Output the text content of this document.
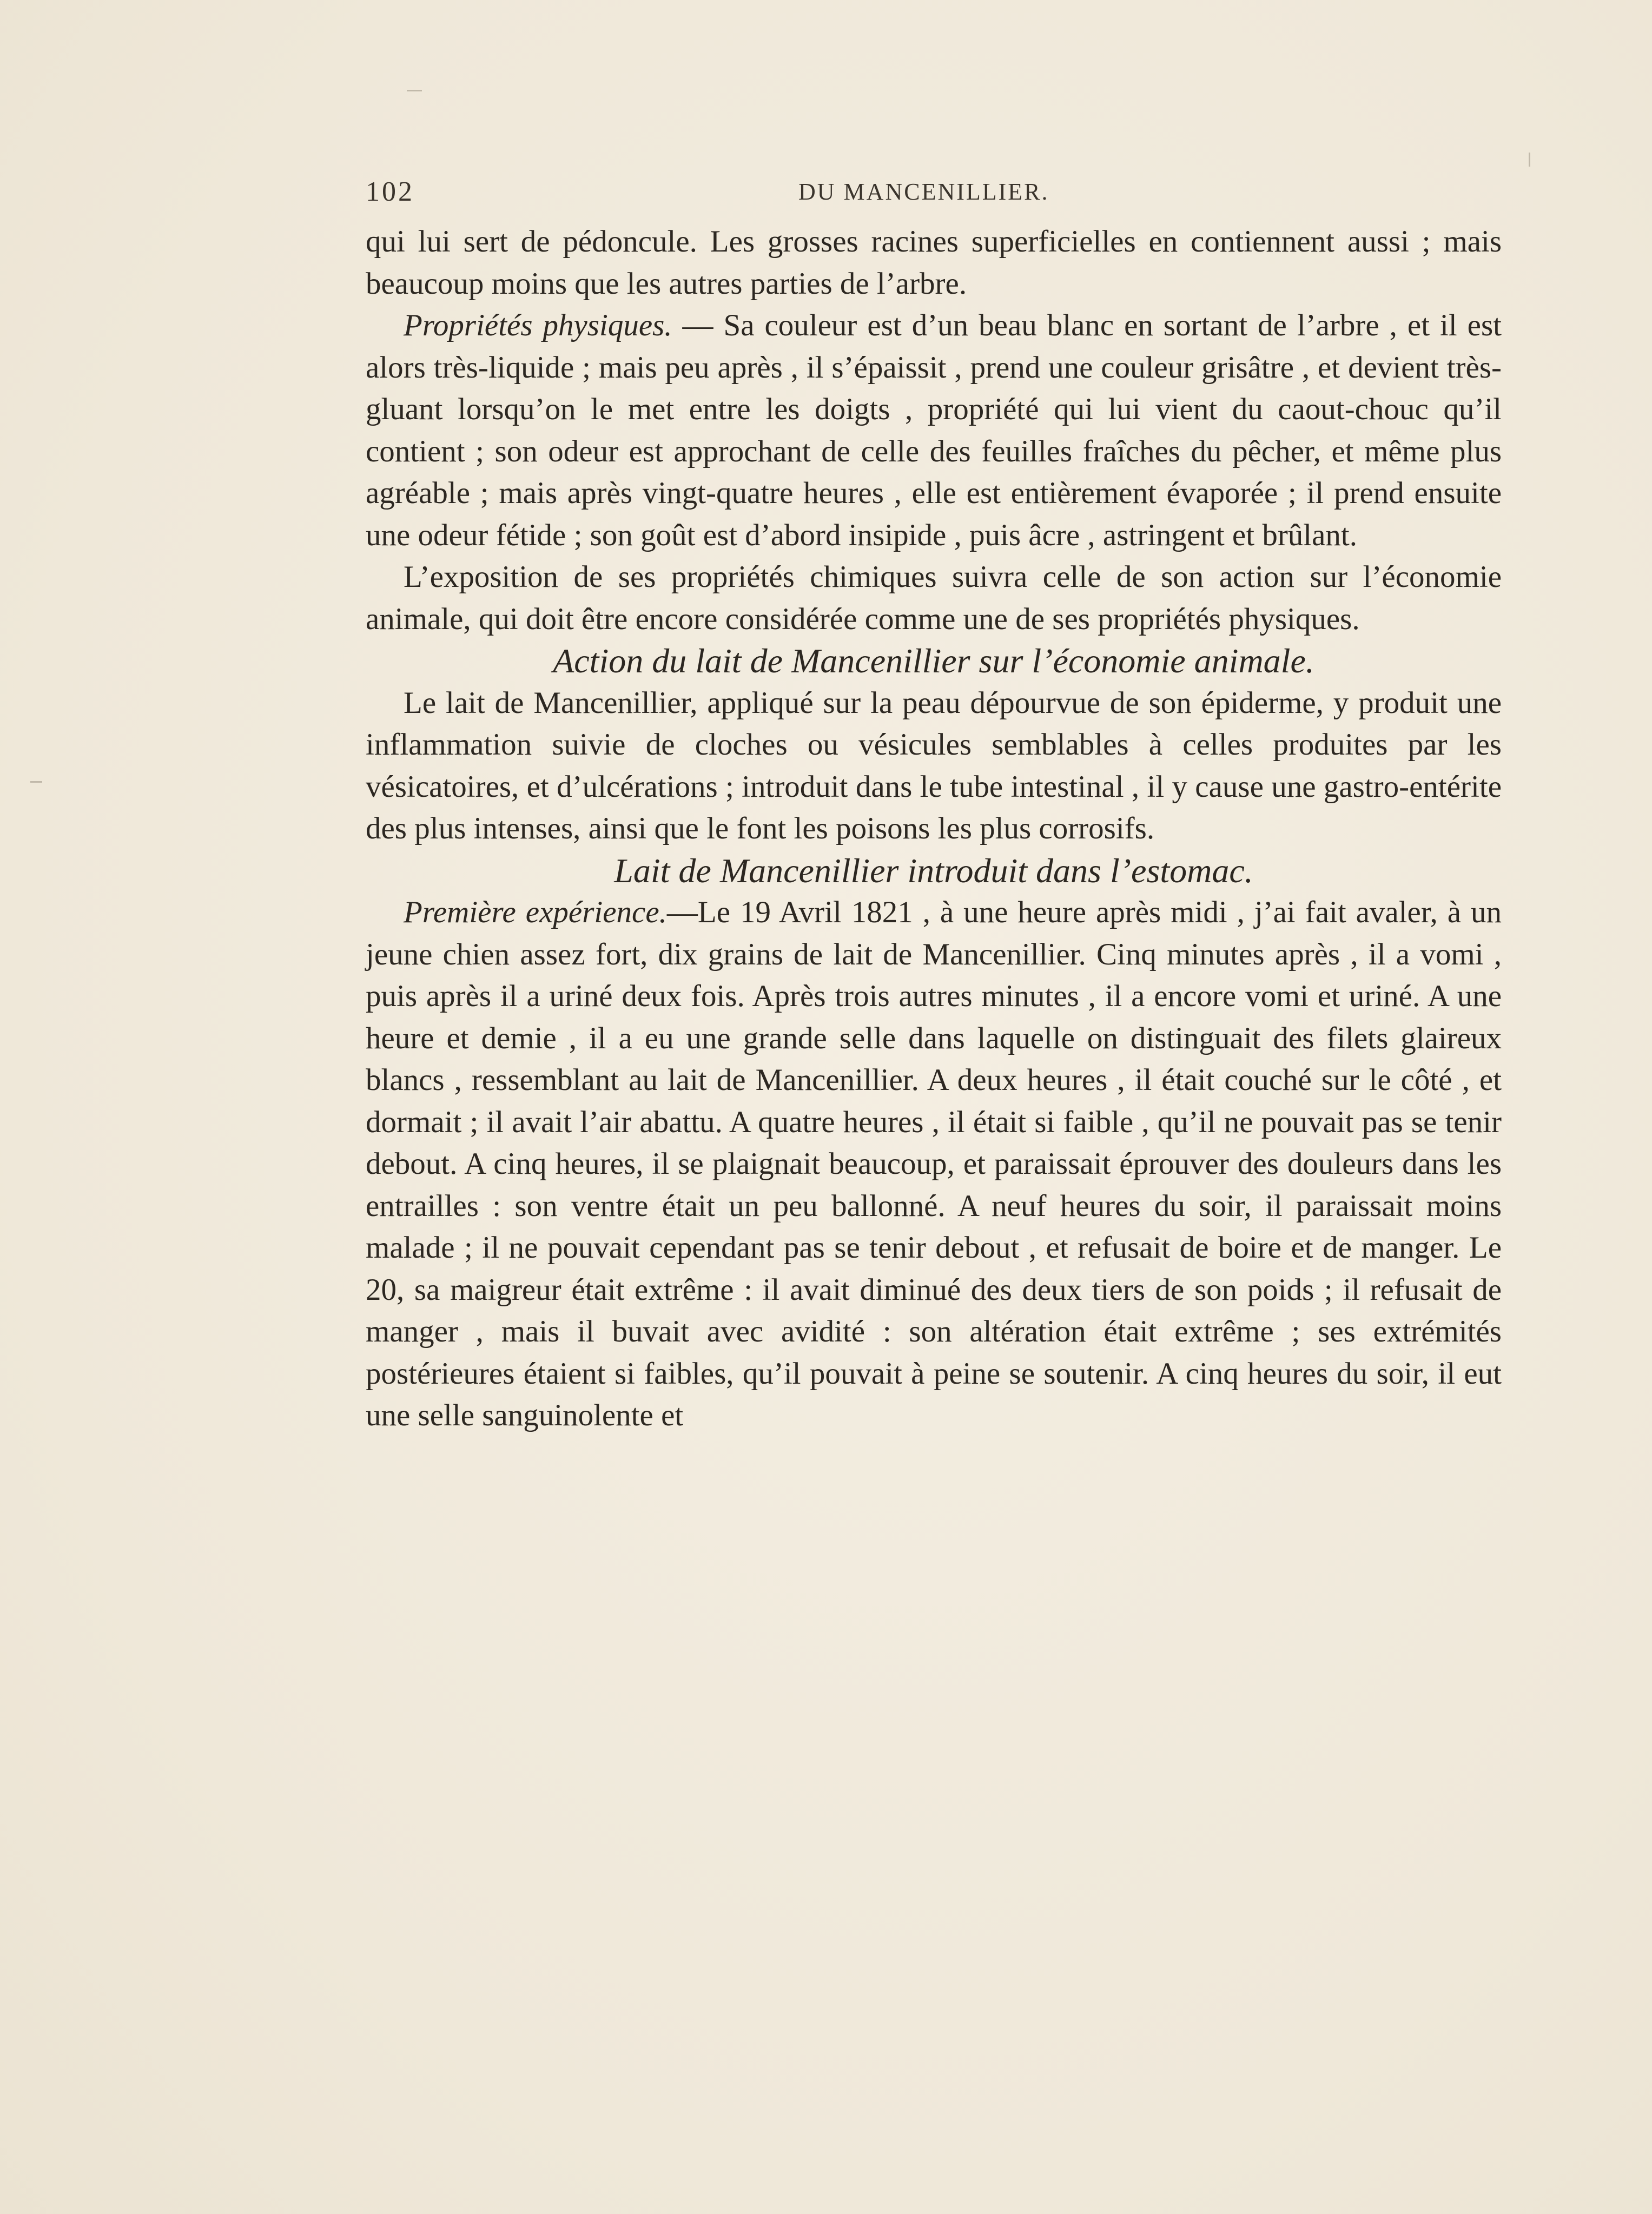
102	DU MANCENILLIER.

qui lui sert de pédoncule. Les grosses racines superficielles en contiennent aussi ; mais beaucoup moins que les autres parties de l’arbre.

Propriétés physiques. — Sa couleur est d’un beau blanc en sortant de l’arbre , et il est alors très-liquide ; mais peu après , il s’épaissit , prend une couleur grisâtre , et devient très-gluant lorsqu’on le met entre les doigts , propriété qui lui vient du caout-chouc qu’il contient ; son odeur est approchant de celle des feuilles fraîches du pêcher, et même plus agréable ; mais après vingt-quatre heures , elle est entièrement évaporée ; il prend ensuite une odeur fétide ; son goût est d’abord insipide , puis âcre , astringent et brûlant.

L’exposition de ses propriétés chimiques suivra celle de son action sur l’économie animale, qui doit être encore considérée comme une de ses propriétés physiques.

Action du lait de Mancenillier sur l’économie animale.

Le lait de Mancenillier, appliqué sur la peau dépourvue de son épiderme, y produit une inflammation suivie de cloches ou vésicules semblables à celles produites par les vésicatoires, et d’ulcérations ; introduit dans le tube intestinal , il y cause une gastro-entérite des plus intenses, ainsi que le font les poisons les plus corrosifs.

Lait de Mancenillier introduit dans l’estomac.

Première expérience.—Le 19 Avril 1821 , à une heure après midi , j’ai fait avaler, à un jeune chien assez fort, dix grains de lait de Mancenillier. Cinq minutes après , il a vomi , puis après il a uriné deux fois. Après trois autres minutes , il a encore vomi et uriné. A une heure et demie , il a eu une grande selle dans laquelle on distinguait des filets glaireux blancs , ressemblant au lait de Mancenillier. A deux heures , il était couché sur le côté , et dormait ; il avait l’air abattu. A quatre heures , il était si faible , qu’il ne pouvait pas se tenir debout. A cinq heures, il se plaignait beaucoup, et paraissait éprouver des douleurs dans les entrailles : son ventre était un peu ballonné. A neuf heures du soir, il paraissait moins malade ; il ne pouvait cependant pas se tenir debout , et refusait de boire et de manger. Le 20, sa maigreur était extrême : il avait diminué des deux tiers de son poids ; il refusait de manger , mais il buvait avec avidité : son altération était extrême ; ses extrémités postérieures étaient si faibles, qu’il pouvait à peine se soutenir. A cinq heures du soir, il eut une selle sanguinolente et
